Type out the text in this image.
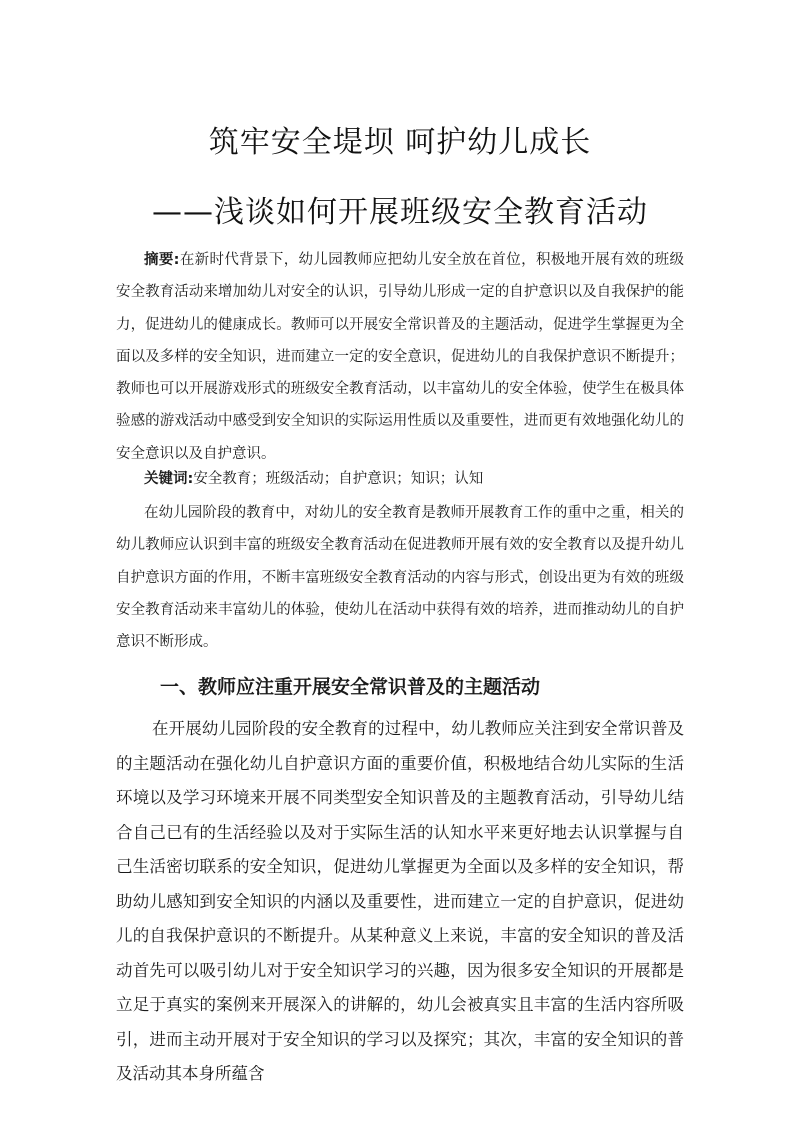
筑牢安全堤坝 呵护幼儿成长
——浅谈如何开展班级安全教育活动

摘要:在新时代背景下，幼儿园教师应把幼儿安全放在首位，积极地开展有效的班级安全教育活动来增加幼儿对安全的认识，引导幼儿形成一定的自护意识以及自我保护的能力，促进幼儿的健康成长。教师可以开展安全常识普及的主题活动，促进学生掌握更为全面以及多样的安全知识，进而建立一定的安全意识，促进幼儿的自我保护意识不断提升；教师也可以开展游戏形式的班级安全教育活动，以丰富幼儿的安全体验，使学生在极具体验感的游戏活动中感受到安全知识的实际运用性质以及重要性，进而更有效地强化幼儿的安全意识以及自护意识。

关键词:安全教育；班级活动；自护意识；知识；认知

在幼儿园阶段的教育中，对幼儿的安全教育是教师开展教育工作的重中之重，相关的幼儿教师应认识到丰富的班级安全教育活动在促进教师开展有效的安全教育以及提升幼儿自护意识方面的作用，不断丰富班级安全教育活动的内容与形式，创设出更为有效的班级安全教育活动来丰富幼儿的体验，使幼儿在活动中获得有效的培养，进而推动幼儿的自护意识不断形成。

一、教师应注重开展安全常识普及的主题活动

在开展幼儿园阶段的安全教育的过程中，幼儿教师应关注到安全常识普及的主题活动在强化幼儿自护意识方面的重要价值，积极地结合幼儿实际的生活环境以及学习环境来开展不同类型安全知识普及的主题教育活动，引导幼儿结合自己已有的生活经验以及对于实际生活的认知水平来更好地去认识掌握与自己生活密切联系的安全知识，促进幼儿掌握更为全面以及多样的安全知识，帮助幼儿感知到安全知识的内涵以及重要性，进而建立一定的自护意识，促进幼儿的自我保护意识的不断提升。从某种意义上来说，丰富的安全知识的普及活动首先可以吸引幼儿对于安全知识学习的兴趣，因为很多安全知识的开展都是立足于真实的案例来开展深入的讲解的，幼儿会被真实且丰富的生活内容所吸引，进而主动开展对于安全知识的学习以及探究；其次，丰富的安全知识的普及活动其本身所蕴含
